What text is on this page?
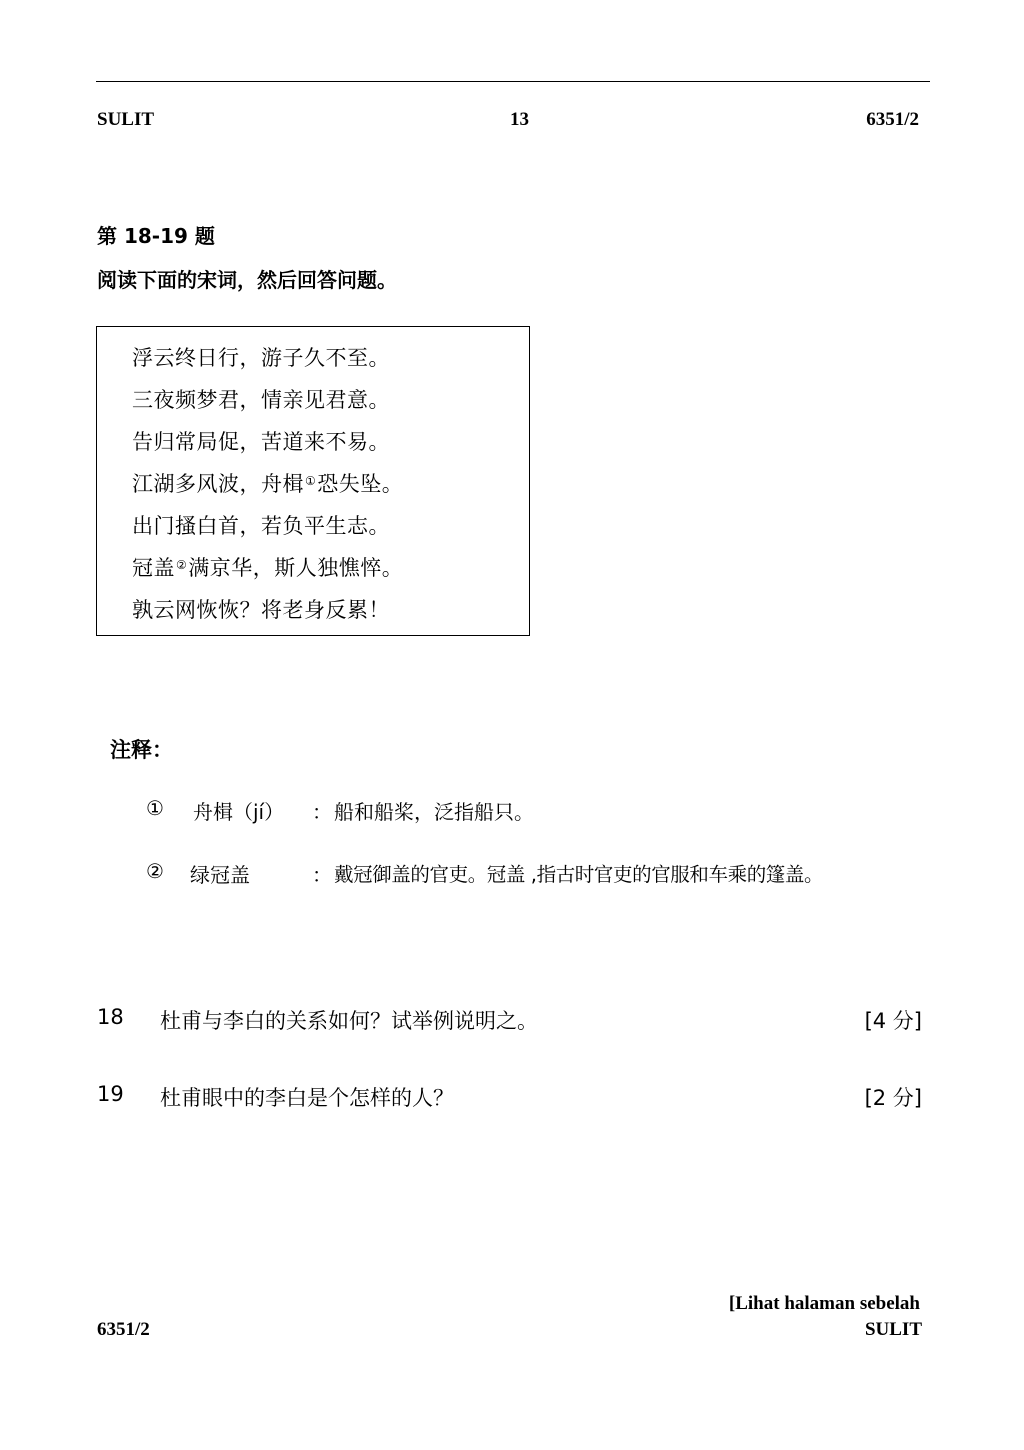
SULIT	13	6351/2
第 18-19 题
阅读下面的宋词，然后回答问题。
浮云终日行，游子久不至。
三夜频梦君，情亲见君意。
告归常局促，苦道来不易。
江湖多风波，舟楫①恐失坠。
出门搔白首，若负平生志。
冠盖②满京华，斯人独憔悴。
孰云网恢恢？将老身反累！
注释：
① 舟楫（jí） ： 船和船桨，泛指船只。
② 绿冠盖	： 戴冠御盖的官吏。冠盖 ,指古时官吏的官服和车乘的篷盖。
18 杜甫与李白的关系如何？试举例说明之。	[4 分]
19 杜甫眼中的李白是个怎样的人？	[2 分]
[Lihat halaman sebelah
6351/2	SULIT
